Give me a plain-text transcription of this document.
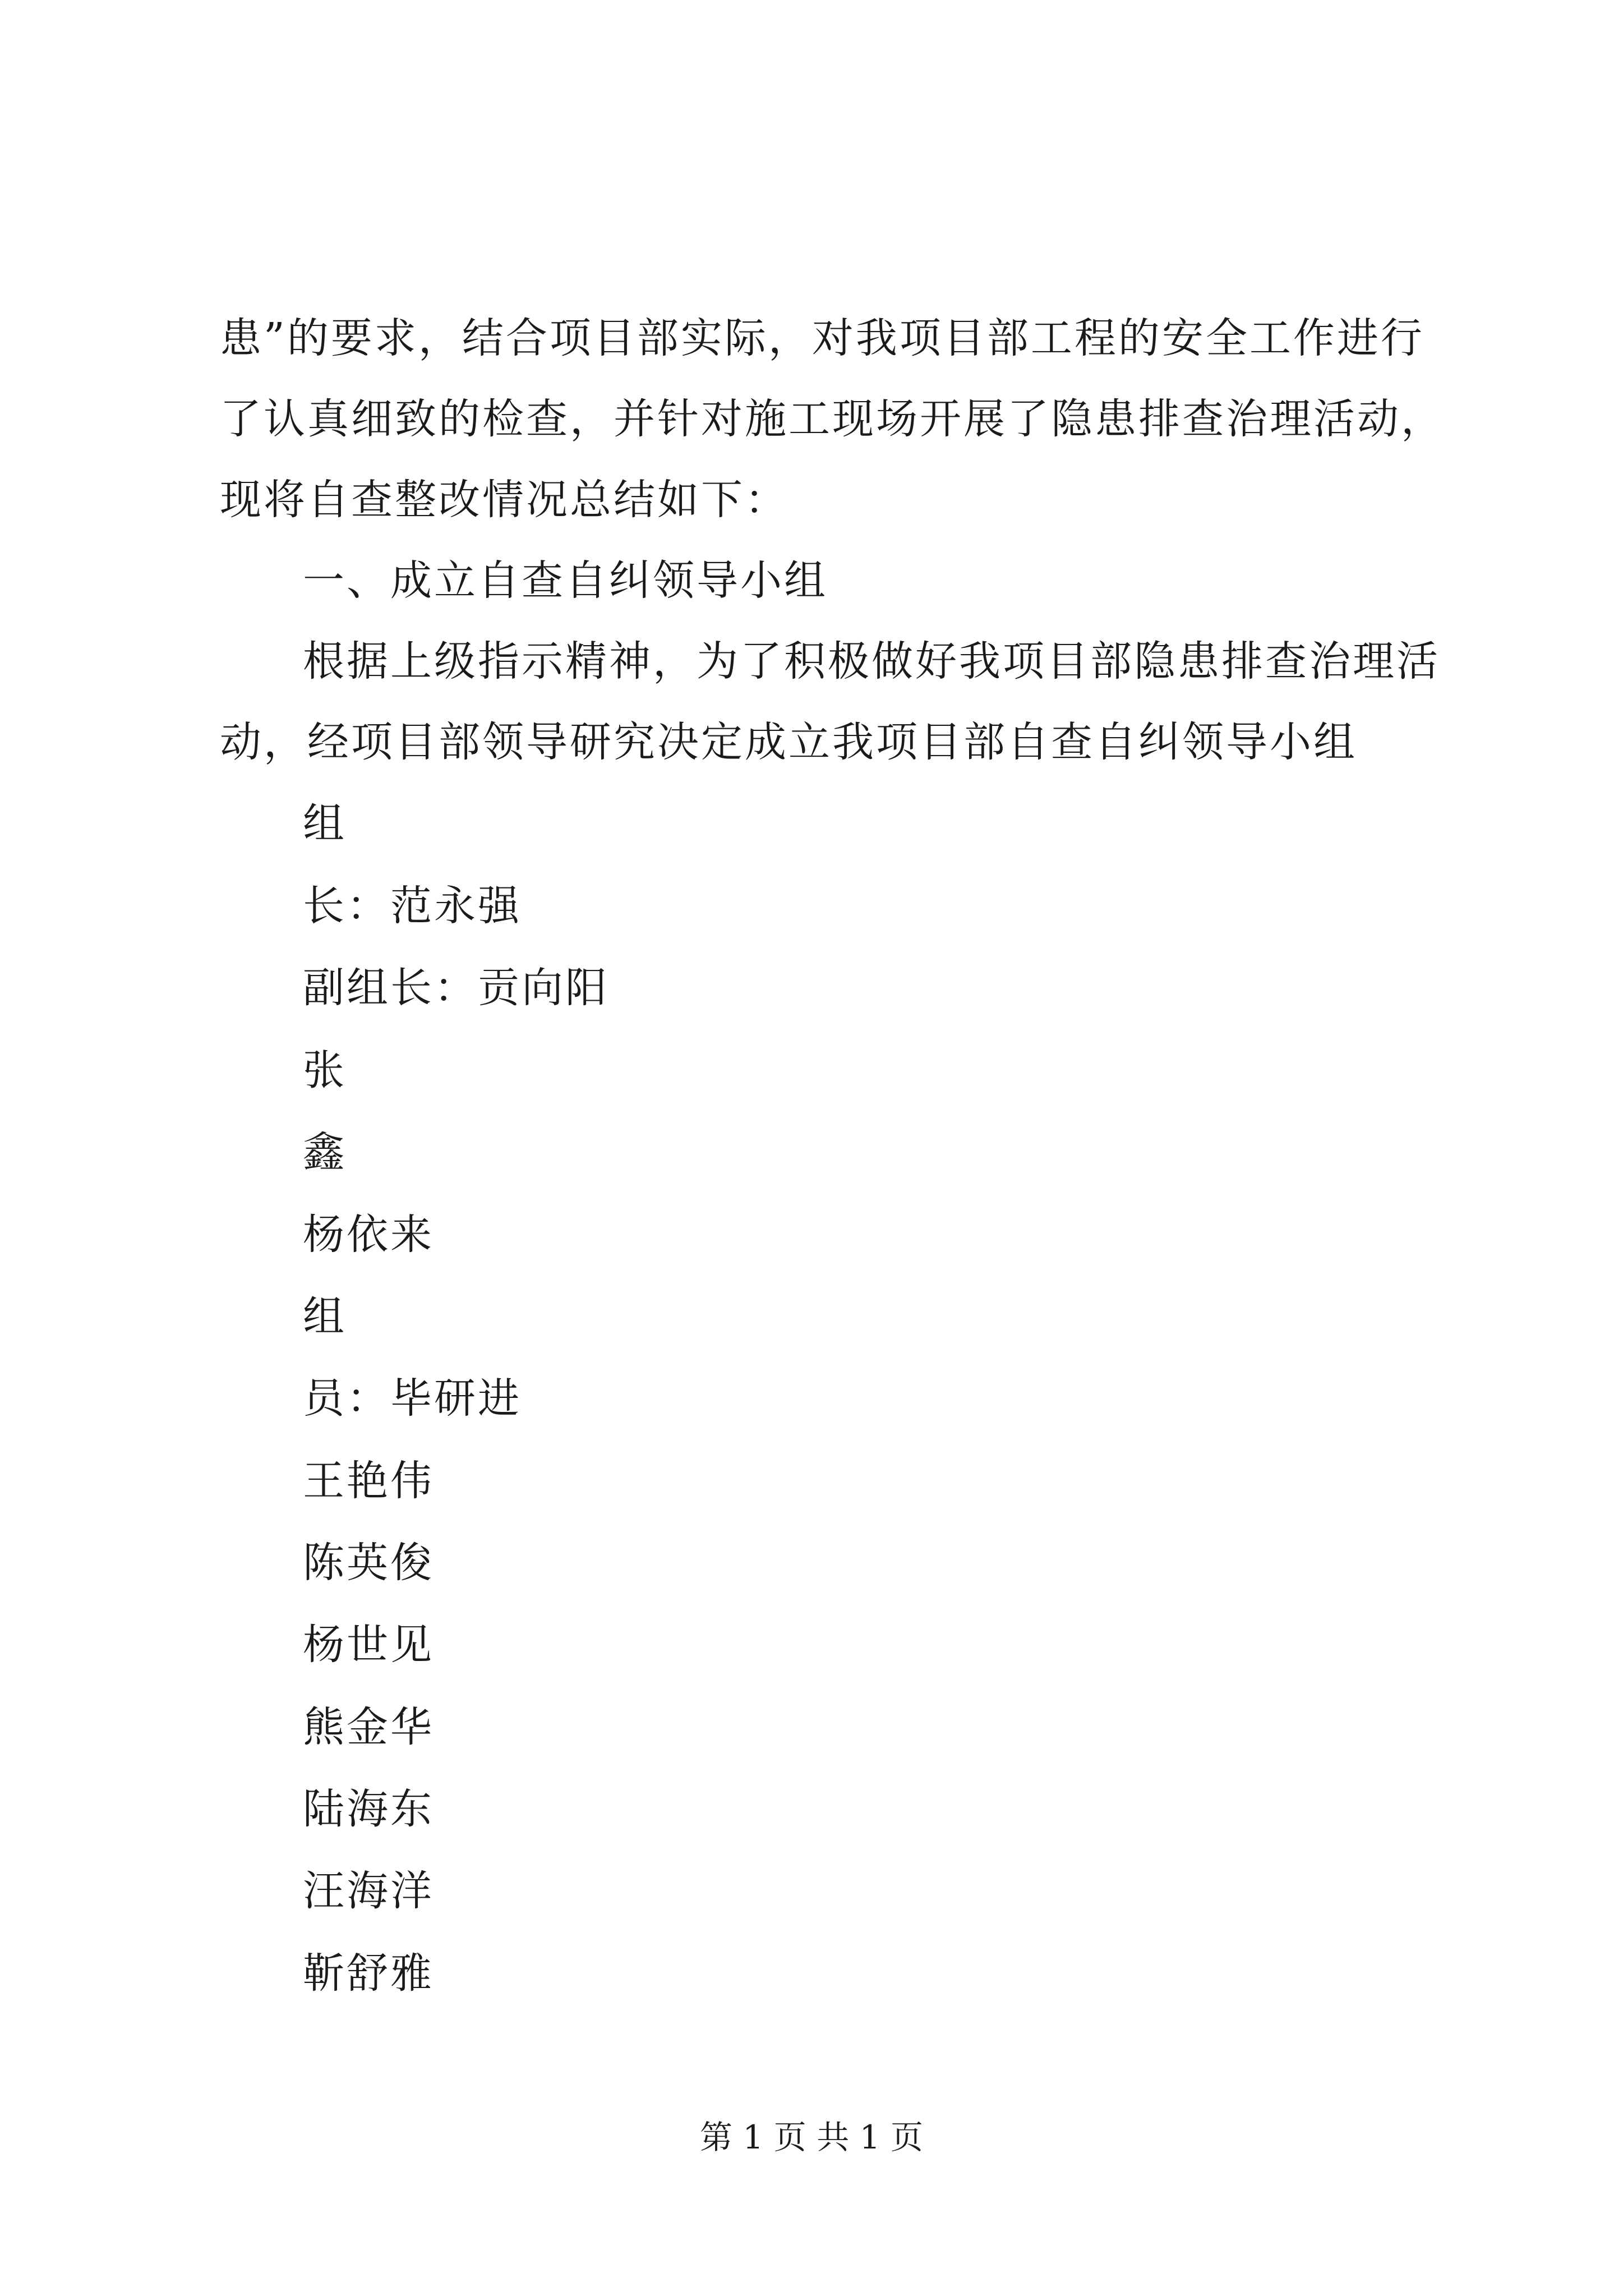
患”的要求，结合项目部实际，对我项目部工程的安全工作进行
了认真细致的检查，并针对施工现场开展了隐患排查治理活动，
现将自查整改情况总结如下：
一、成立自查自纠领导小组
根据上级指示精神，为了积极做好我项目部隐患排查治理活
动，经项目部领导研究决定成立我项目部自查自纠领导小组
组
长：范永强
副组长：贡向阳
张
鑫
杨依来
组
员：毕研进
王艳伟
陈英俊
杨世见
熊金华
陆海东
汪海洋
靳舒雅
第 1 页 共 1 页
